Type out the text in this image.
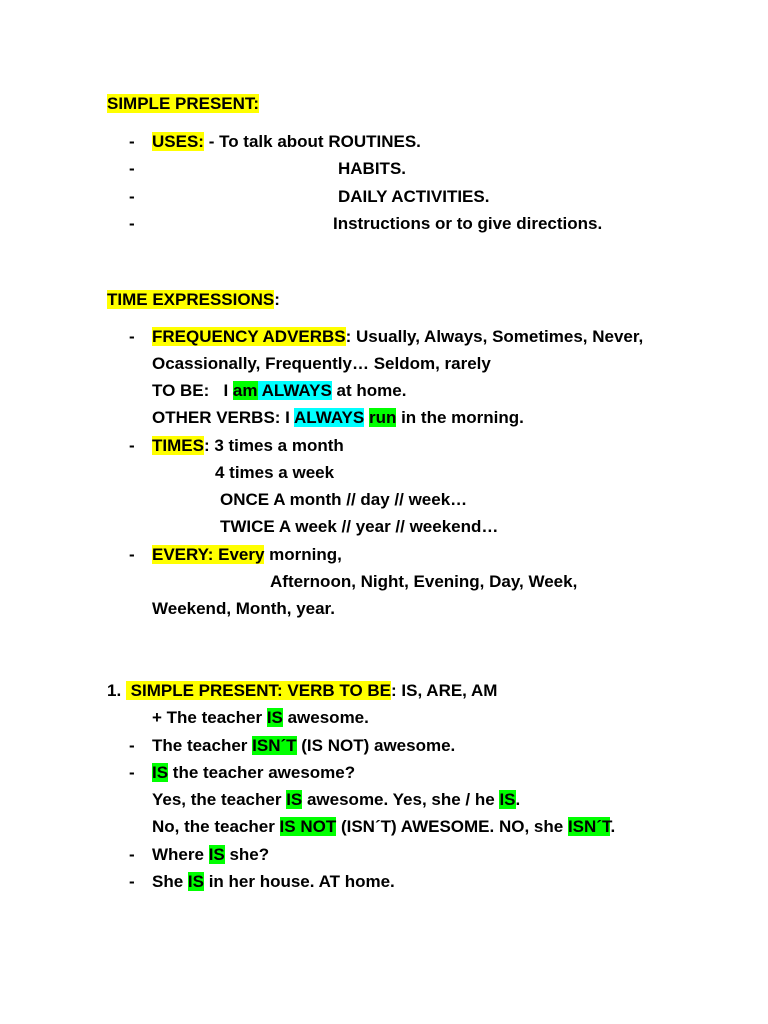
SIMPLE PRESENT:
- USES: - To talk about ROUTINES.
-	HABITS.
-	DAILY ACTIVITIES.
-	Instructions or to give directions.
TIME EXPRESSIONS:
- FREQUENCY ADVERBS: Usually, Always, Sometimes, Never,
Ocassionally, Frequently… Seldom, rarely
TO BE:   I am ALWAYS at home.
OTHER VERBS: I ALWAYS run in the morning.
- TIMES: 3 times a month
4 times a week
ONCE A month // day // week…
TWICE A week // year // weekend…
- EVERY: Every morning,
Afternoon, Night, Evening, Day, Week,
Weekend, Month, year.
1.  SIMPLE PRESENT: VERB TO BE: IS, ARE, AM
+ The teacher IS awesome.
- The teacher ISN´T (IS NOT) awesome.
- IS the teacher awesome?
Yes, the teacher IS awesome. Yes, she / he IS.
No, the teacher IS NOT (ISN´T) AWESOME. NO, she ISN´T.
- Where IS she?
- She IS in her house. AT home.
